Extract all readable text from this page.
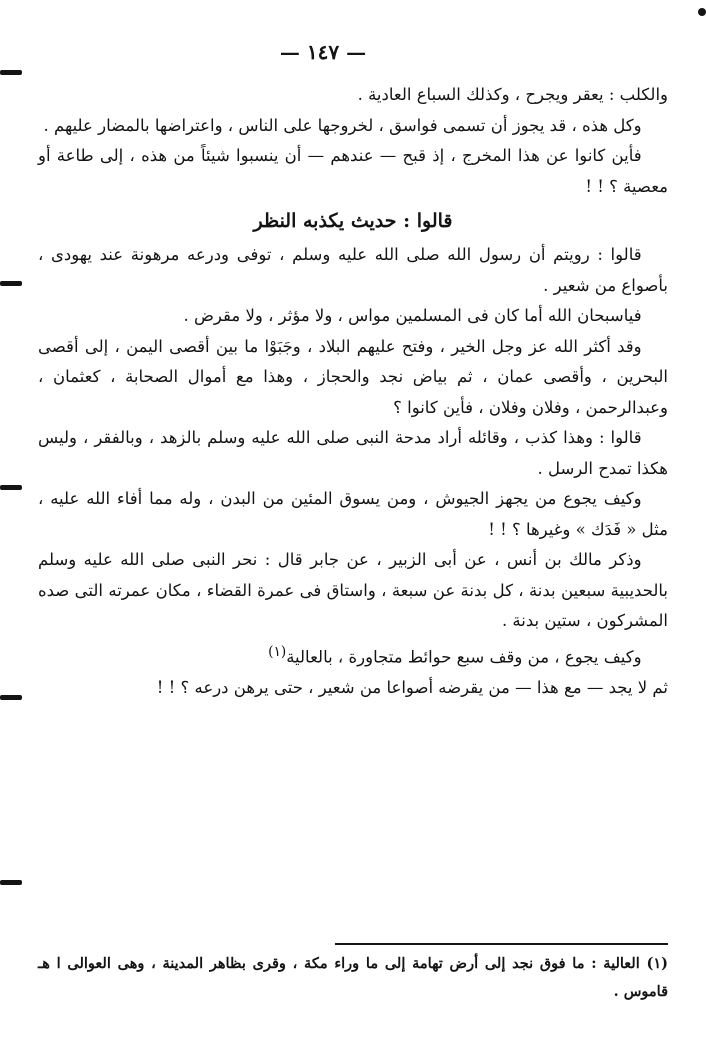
— ١٤٧ —

والكلب : يعقر ويجرح ، وكذلك السباع العادية .

وكل هذه ، قد يجوز أن تسمى فواسق ، لخروجها على الناس ، واعتراضها بالمضار عليهم .

فأين كانوا عن هذا المخرج ، إذ قبح — عندهم — أن ينسبوا شيئاً من هذه ، إلى طاعة أو معصية ؟ ! !

قالوا : حديث يكذبه النظر

قالوا : رويتم أن رسول الله صلى الله عليه وسلم ، توفى ودرعه مرهونة عند يهودى ، بأصواع من شعير .

فياسبحان الله أما كان فى المسلمين مواس ، ولا مؤثر ، ولا مقرض .

وقد أكثر الله عز وجل الخير ، وفتح عليهم البلاد ، وجَبَوْا ما بين أقصى اليمن ، إلى أقصى البحرين ، وأقصى عمان ، ثم بياض نجد والحجاز ، وهذا مع أموال الصحابة ، كعثمان ، وعبدالرحمن ، وفلان وفلان ، فأين كانوا ؟

قالوا : وهذا كذب ، وقائله أراد مدحة النبى صلى الله عليه وسلم بالزهد ، وبالفقر ، وليس هكذا تمدح الرسل .

وكيف يجوع من يجهز الجيوش ، ومن يسوق المئين من البدن ، وله مما أفاء الله عليه ، مثل « فَدَك » وغيرها ؟ ! !

وذكر مالك بن أنس ، عن أبى الزبير ، عن جابر قال : نحر النبى صلى الله عليه وسلم بالحديبية سبعين بدنة ، كل بدنة عن سبعة ، واستاق فى عمرة القضاء ، مكان عمرته التى صده المشركون ، ستين بدنة .

وكيف يجوع ، من وقف سبع حوائط متجاورة ، بالعالية$^{(١)}$

ثم لا يجد — مع هذا — من يقرضه أصواعا من شعير ، حتى يرهن درعه ؟ ! !

(١) العالية : ما فوق نجد إلى أرض تهامة إلى ما وراء مكة ، وقرى بظاهر المدينة ، وهى العوالى ا هـ قاموس .
